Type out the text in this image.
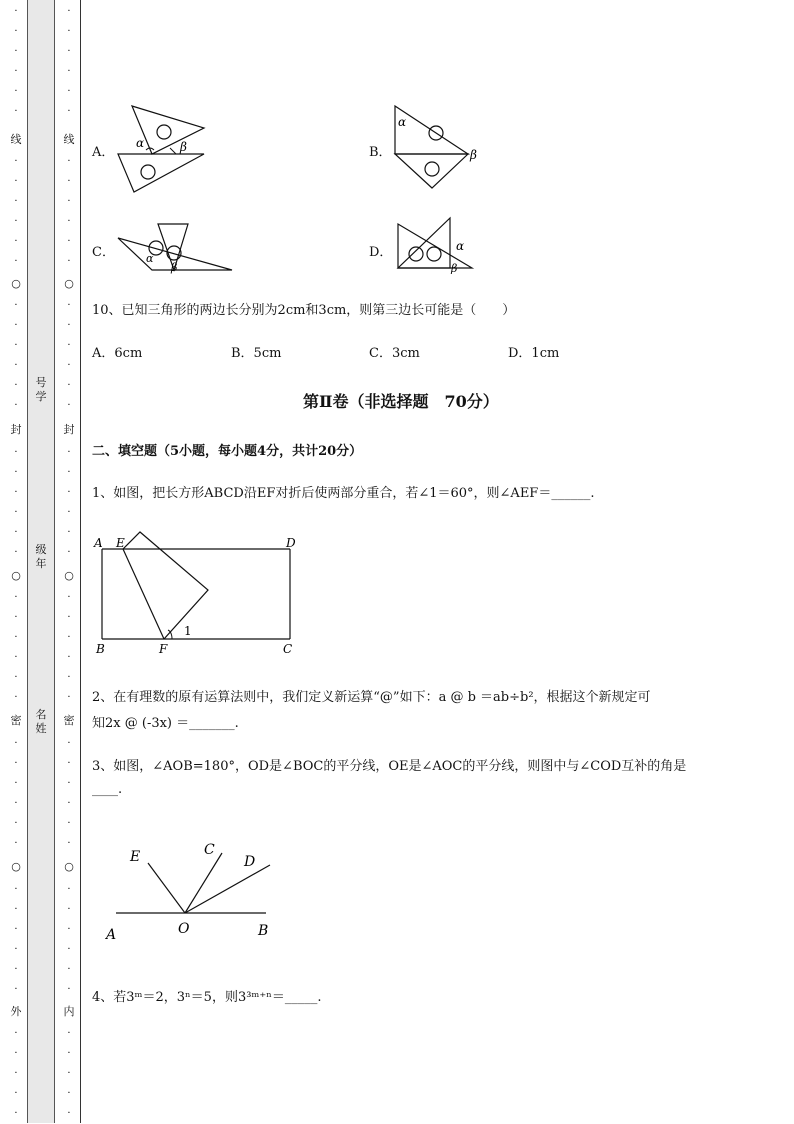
·
·
·
·
·
·
线
·
·
·
·
·
·
○
·
·
·
·
·
·
封
·
·
·
·
·
·
○
·
·
·
·
·
·
密
·
·
·
·
·
·
○
·
·
·
·
·
·
外
·
·
·
·
·
号学
级年
名姓
·
·
·
·
·
·
线
·
·
·
·
·
·
○
·
·
·
·
·
·
封
·
·
·
·
·
·
○
·
·
·
·
·
·
密
·
·
·
·
·
·
○
·
·
·
·
·
·
内
·
·
·
·
·
A．
α	β	B．
α
β
C．	α
β
D．	α
β
10、已知三角形的两边长分别为2cm和3cm，则第三边长可能是（　　）
A．6cm	B．5cm	C．3cm	D．1cm
第Ⅱ卷（非选择题　70分）
二、填空题（5小题，每小题4分，共计20分）
1、如图，把长方形ABCD沿EF对折后使两部分重合，若∠1＝60°，则∠AEF＝______.
A E	D
B	F	C
1
2、在有理数的原有运算法则中，我们定义新运算“@”如下：a @ b ＝ab÷b²，根据这个新规定可
知2x @ (-3x) ＝_______.
3、如图，∠AOB=180°，OD是∠BOC的平分线，OE是∠AOC的平分线，则图中与∠COD互补的角是
____.
E	C
D
A	O	B
4、若3ᵐ＝2，3ⁿ＝5，则3³ᵐ⁺ⁿ＝_____.
